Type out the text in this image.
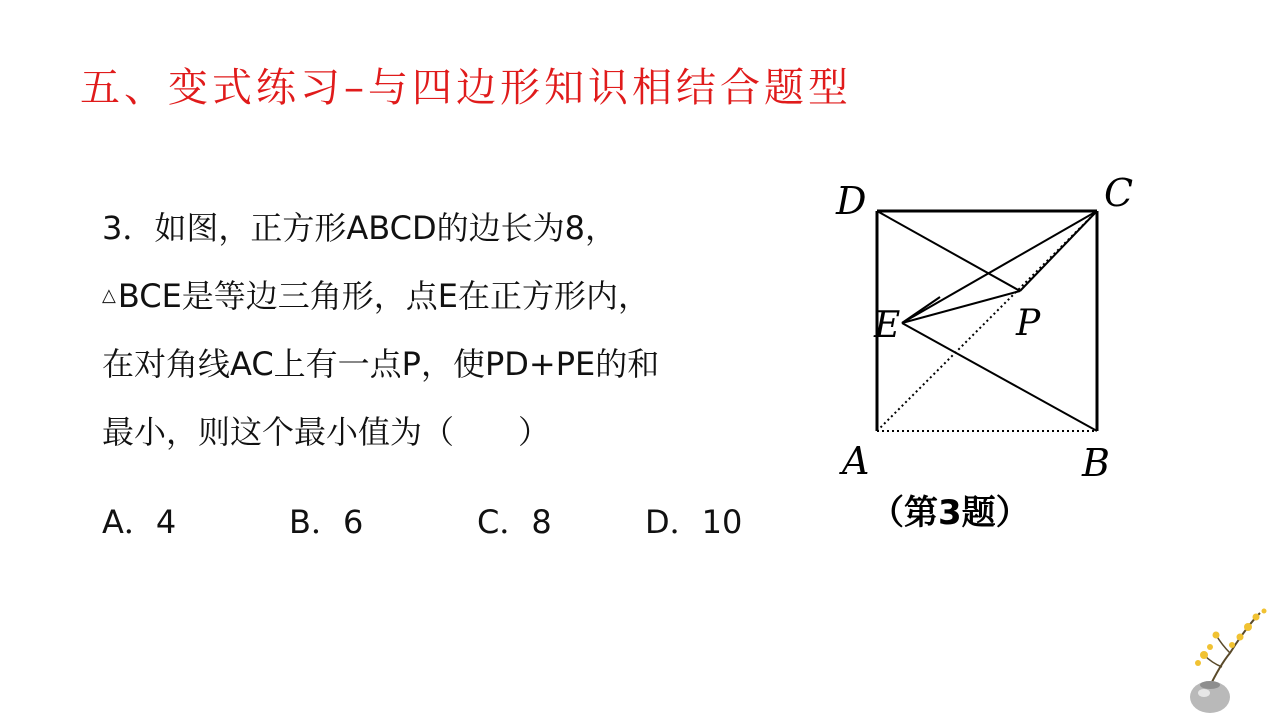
五、变式练习–与四边形知识相结合题型
3．如图，正方形ABCD的边长为8，
△BCE是等边三角形，点E在正方形内，
在对角线AC上有一点P，使PD+PE的和
最小，则这个最小值为（　　）
A．4	B．6	C．8	D．10
D	C
E	P
A	B
（第3题）
